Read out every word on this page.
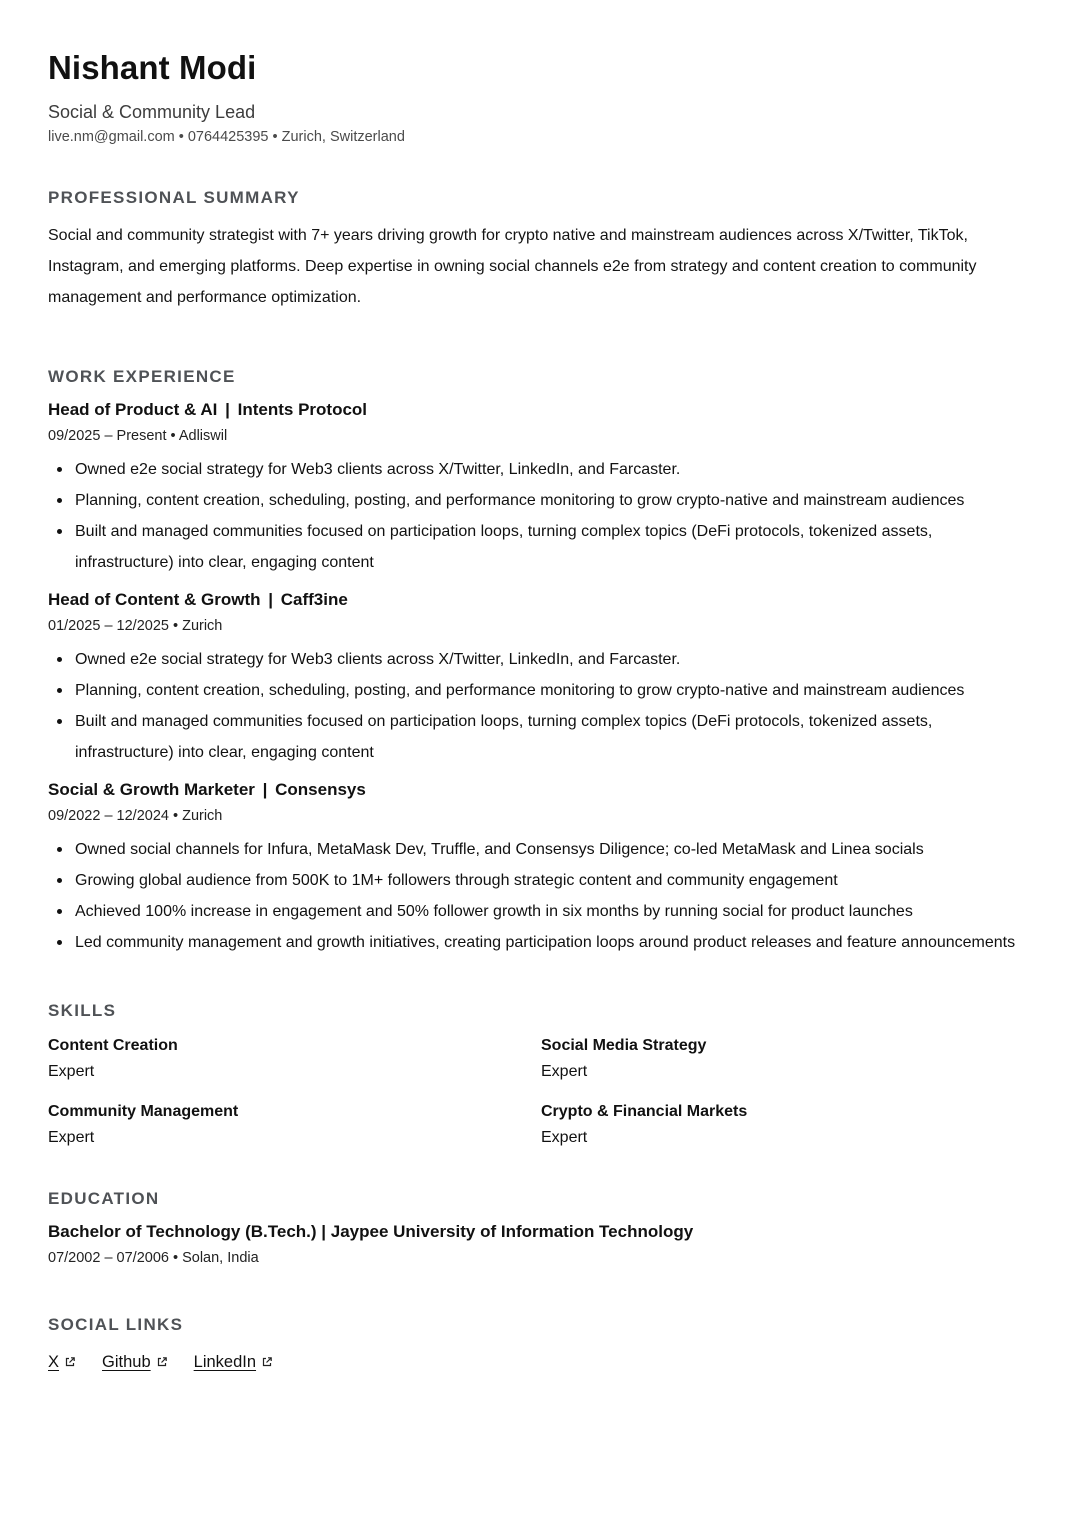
Nishant Modi
Social & Community Lead
live.nm@gmail.com • 0764425395 • Zurich, Switzerland
PROFESSIONAL SUMMARY
Social and community strategist with 7+ years driving growth for crypto native and mainstream audiences across X/Twitter, TikTok, Instagram, and emerging platforms. Deep expertise in owning social channels e2e from strategy and content creation to community management and performance optimization.
WORK EXPERIENCE
Head of Product & AI | Intents Protocol
09/2025 – Present • Adliswil
Owned e2e social strategy for Web3 clients across X/Twitter, LinkedIn, and Farcaster.
Planning, content creation, scheduling, posting, and performance monitoring to grow crypto-native and mainstream audiences
Built and managed communities focused on participation loops, turning complex topics (DeFi protocols, tokenized assets, infrastructure) into clear, engaging content
Head of Content & Growth | Caff3ine
01/2025 – 12/2025 • Zurich
Owned e2e social strategy for Web3 clients across X/Twitter, LinkedIn, and Farcaster.
Planning, content creation, scheduling, posting, and performance monitoring to grow crypto-native and mainstream audiences
Built and managed communities focused on participation loops, turning complex topics (DeFi protocols, tokenized assets, infrastructure) into clear, engaging content
Social & Growth Marketer | Consensys
09/2022 – 12/2024 • Zurich
Owned social channels for Infura, MetaMask Dev, Truffle, and Consensys Diligence; co-led MetaMask and Linea socials
Growing global audience from 500K to 1M+ followers through strategic content and community engagement
Achieved 100% increase in engagement and 50% follower growth in six months by running social for product launches
Led community management and growth initiatives, creating participation loops around product releases and feature announcements
SKILLS
Content Creation
Expert
Social Media Strategy
Expert
Community Management
Expert
Crypto & Financial Markets
Expert
EDUCATION
Bachelor of Technology (B.Tech.) | Jaypee University of Information Technology
07/2002 – 07/2006 • Solan, India
SOCIAL LINKS
X	Github	LinkedIn
